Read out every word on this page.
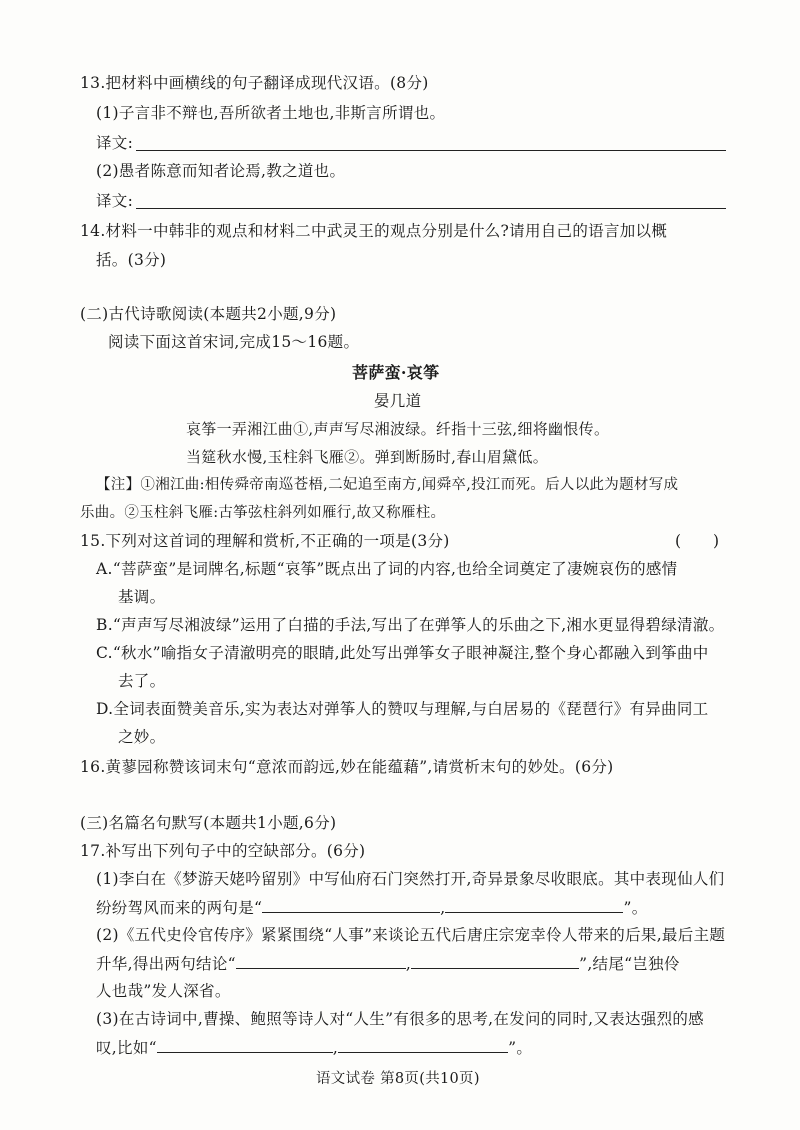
13.把材料中画横线的句子翻译成现代汉语。(8分)
(1)子言非不辩也,吾所欲者土地也,非斯言所谓也。
译文:
(2)愚者陈意而知者论焉,教之道也。
译文:
14.材料一中韩非的观点和材料二中武灵王的观点分别是什么?请用自己的语言加以概
括。(3分)
(二)古代诗歌阅读(本题共2小题,9分)
阅读下面这首宋词,完成15～16题。
菩萨蛮·哀筝
晏几道
哀筝一弄湘江曲①,声声写尽湘波绿。纤指十三弦,细将幽恨传。
当筵秋水慢,玉柱斜飞雁②。弹到断肠时,春山眉黛低。
【注】①湘江曲:相传舜帝南巡苍梧,二妃追至南方,闻舜卒,投江而死。后人以此为题材写成
乐曲。②玉柱斜飞雁:古筝弦柱斜列如雁行,故又称雁柱。
15.下列对这首词的理解和赏析,不正确的一项是(3分)	(　　)
A.“菩萨蛮”是词牌名,标题“哀筝”既点出了词的内容,也给全词奠定了凄婉哀伤的感情
基调。
B.“声声写尽湘波绿”运用了白描的手法,写出了在弹筝人的乐曲之下,湘水更显得碧绿清澈。
C.“秋水”喻指女子清澈明亮的眼睛,此处写出弹筝女子眼神凝注,整个身心都融入到筝曲中
去了。
D.全词表面赞美音乐,实为表达对弹筝人的赞叹与理解,与白居易的《琵琶行》有异曲同工
之妙。
16.黄蓼园称赞该词末句“意浓而韵远,妙在能蕴藉”,请赏析末句的妙处。(6分)
(三)名篇名句默写(本题共1小题,6分)
17.补写出下列句子中的空缺部分。(6分)
(1)李白在《梦游天姥吟留别》中写仙府石门突然打开,奇异景象尽收眼底。其中表现仙人们
纷纷驾风而来的两句是“	,	”。
(2)《五代史伶官传序》紧紧围绕“人事”来谈论五代后唐庄宗宠幸伶人带来的后果,最后主题
升华,得出两句结论“	,	”,结尾“岂独伶
人也哉”发人深省。
(3)在古诗词中,曹操、鲍照等诗人对“人生”有很多的思考,在发问的同时,又表达强烈的感
叹,比如“	,	”。
语文试卷 第8页(共10页)
